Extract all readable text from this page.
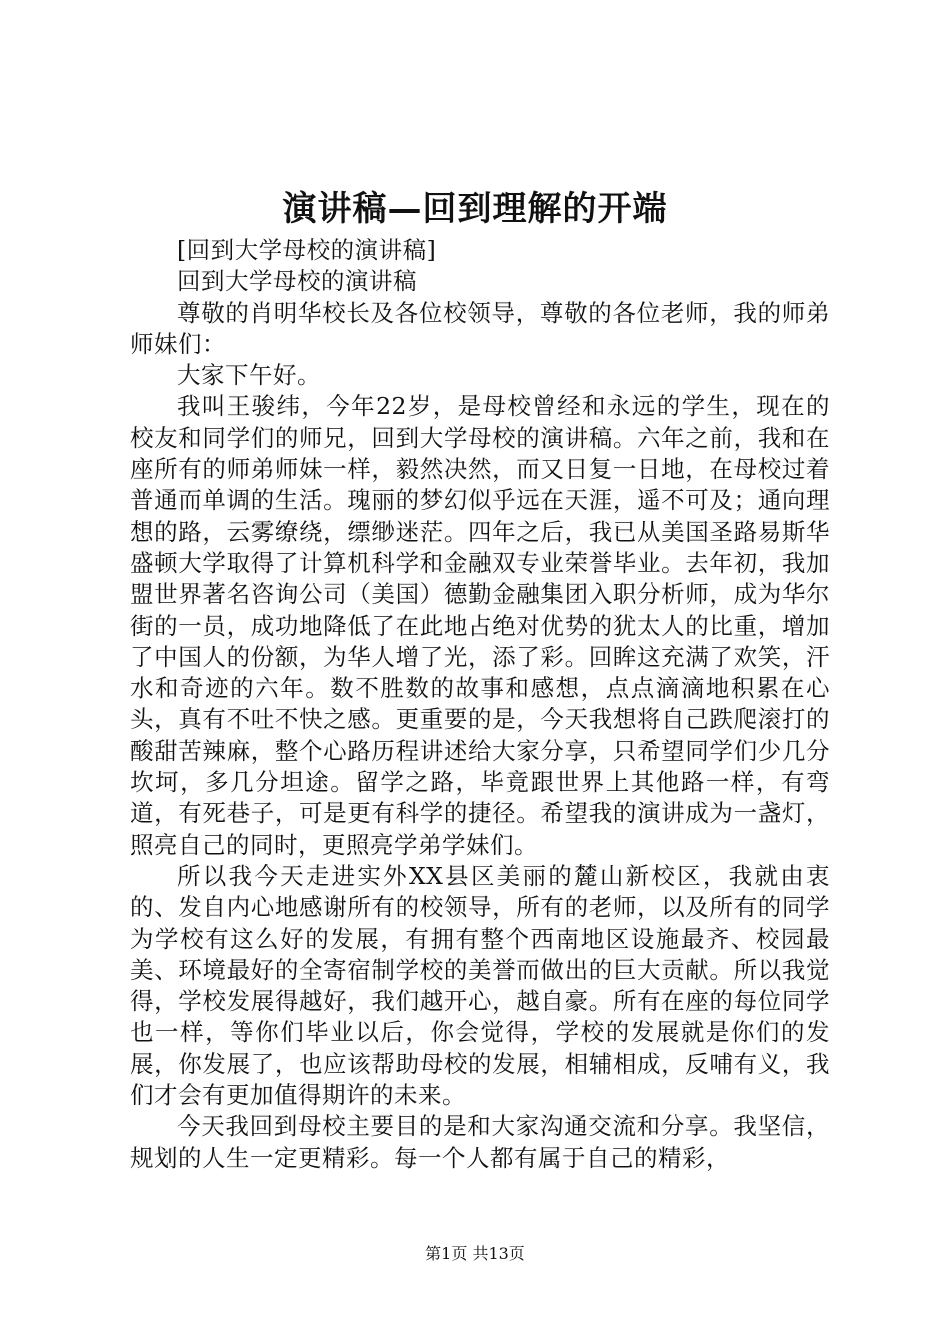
演讲稿—回到理解的开端

[回到大学母校的演讲稿]

回到大学母校的演讲稿

尊敬的肖明华校长及各位校领导，尊敬的各位老师，我的师弟师妹们：

大家下午好。

我叫王骏纬，今年22岁，是母校曾经和永远的学生，现在的校友和同学们的师兄，回到大学母校的演讲稿。六年之前，我和在座所有的师弟师妹一样，毅然决然，而又日复一日地，在母校过着普通而单调的生活。瑰丽的梦幻似乎远在天涯，遥不可及；通向理想的路，云雾缭绕，缥缈迷茫。四年之后，我已从美国圣路易斯华盛顿大学取得了计算机科学和金融双专业荣誉毕业。去年初，我加盟世界著名咨询公司（美国）德勤金融集团入职分析师，成为华尔街的一员，成功地降低了在此地占绝对优势的犹太人的比重，增加了中国人的份额，为华人增了光，添了彩。回眸这充满了欢笑，汗水和奇迹的六年。数不胜数的故事和感想，点点滴滴地积累在心头，真有不吐不快之感。更重要的是，今天我想将自己跌爬滚打的酸甜苦辣麻，整个心路历程讲述给大家分享，只希望同学们少几分坎坷，多几分坦途。留学之路，毕竟跟世界上其他路一样，有弯道，有死巷子，可是更有科学的捷径。希望我的演讲成为一盏灯，照亮自己的同时，更照亮学弟学妹们。

所以我今天走进实外XX县区美丽的麓山新校区，我就由衷的、发自内心地感谢所有的校领导，所有的老师，以及所有的同学为学校有这么好的发展，有拥有整个西南地区设施最齐、校园最美、环境最好的全寄宿制学校的美誉而做出的巨大贡献。所以我觉得，学校发展得越好，我们越开心，越自豪。所有在座的每位同学也一样，等你们毕业以后，你会觉得，学校的发展就是你们的发展，你发展了，也应该帮助母校的发展，相辅相成，反哺有义，我们才会有更加值得期许的未来。

今天我回到母校主要目的是和大家沟通交流和分享。我坚信，规划的人生一定更精彩。每一个人都有属于自己的精彩，

第1页 共13页
